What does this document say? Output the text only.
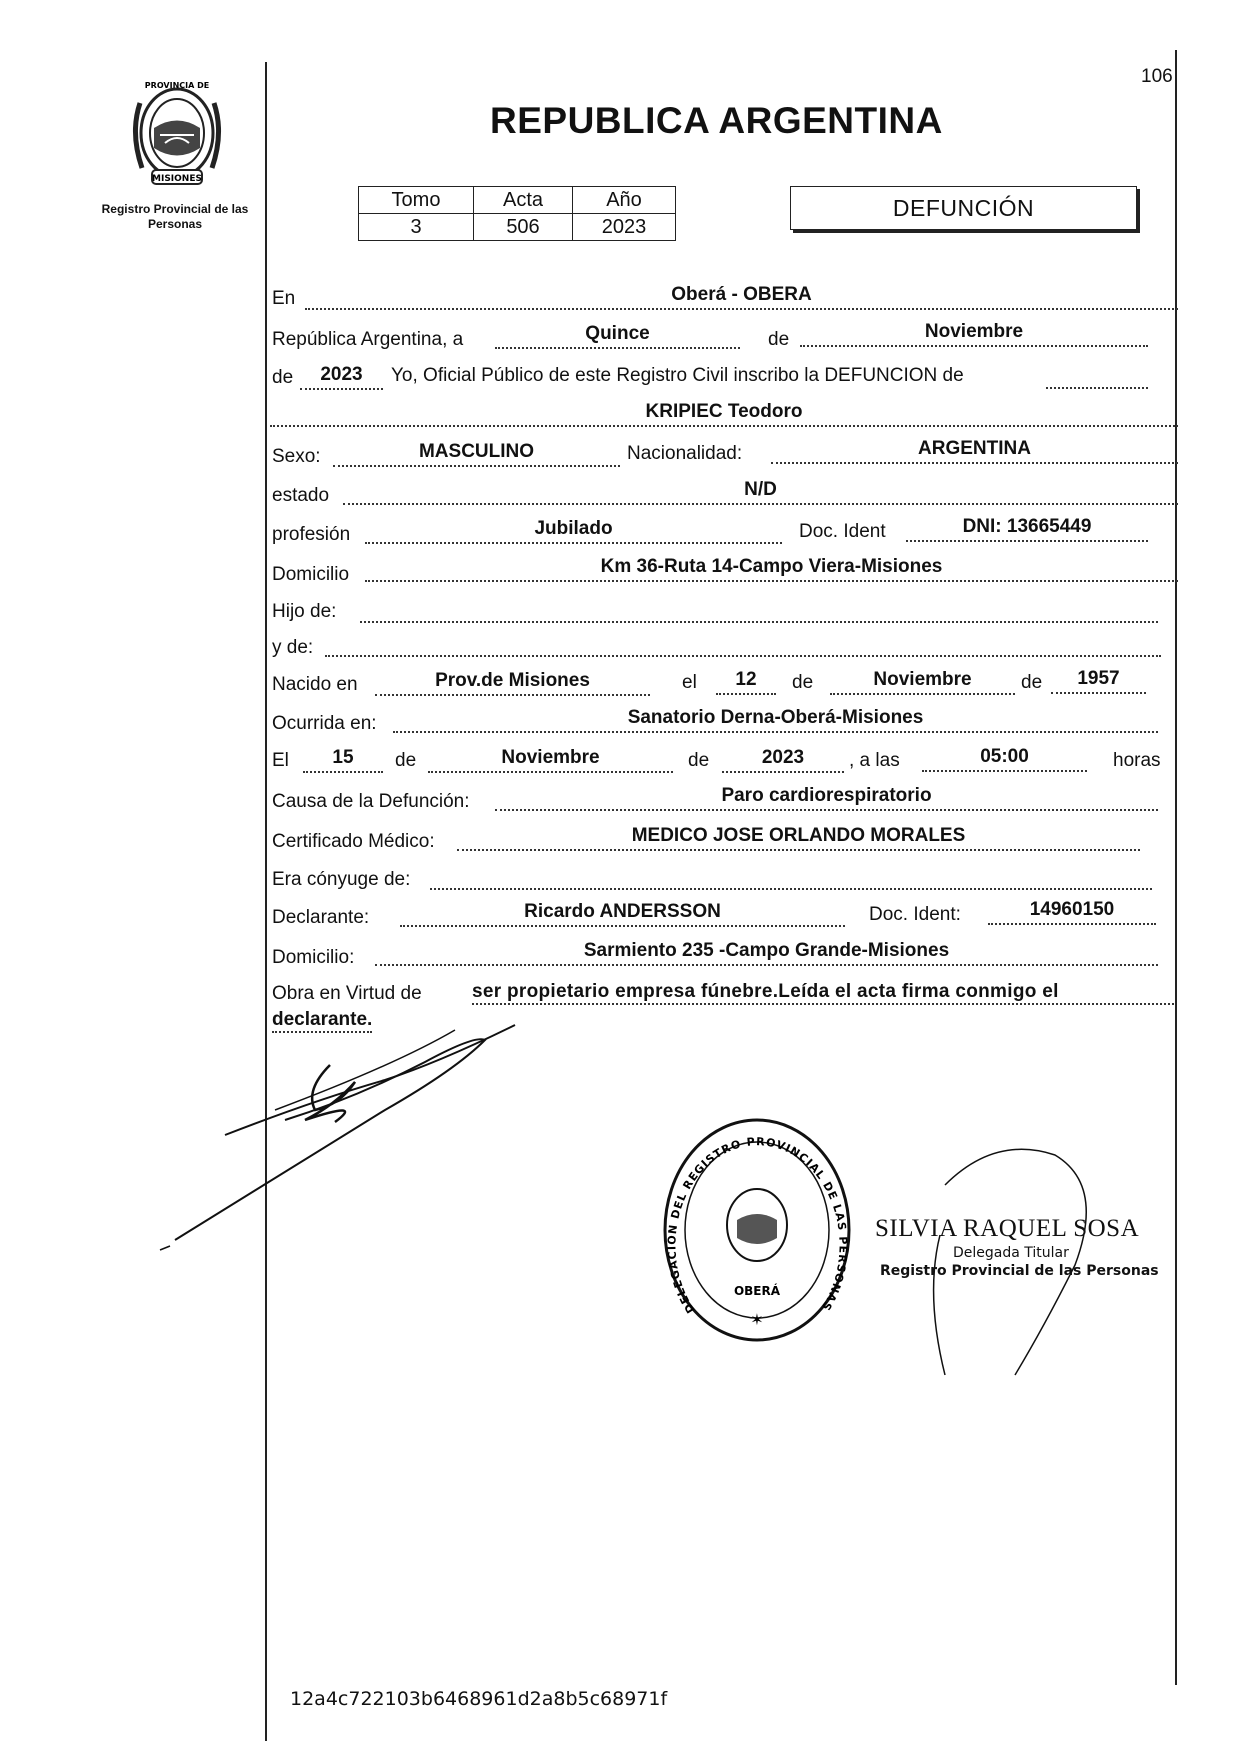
MISIONES
PROVINCIA DE
Registro Provincial de las Personas
106
REPUBLICA ARGENTINA
Tomo	Acta	Año
3	506	2023
DEFUNCIÓN
En	Oberá - OBERA
República Argentina, a	Quince	de	Noviembre
de	2023	Yo, Oficial Público de este Registro Civil inscribo la DEFUNCION de
KRIPIEC Teodoro
Sexo:	MASCULINO	Nacionalidad:	ARGENTINA
estado	N/D
profesión	Jubilado	Doc. Ident	DNI: 13665449
Domicilio	Km 36-Ruta 14-Campo Viera-Misiones
Hijo de:
y de:
Nacido en	Prov.de Misiones	el	12	de	Noviembre	de	1957
Ocurrida en:	Sanatorio Derna-Oberá-Misiones
El	15	de	Noviembre	de	2023	, a las	05:00	horas
Causa de la Defunción:	Paro cardiorespiratorio
Certificado Médico:	MEDICO JOSE ORLANDO MORALES
Era cónyuge de:
Declarante:	Ricardo ANDERSSON	Doc. Ident:	14960150
Domicilio:	Sarmiento 235 -Campo Grande-Misiones
Obra en Virtud de	ser propietario empresa fúnebre.Leída el acta firma conmigo el
declarante.
DELEGACION DEL REGISTRO PROVINCIAL DE LAS PERSONAS
OBERÁ
✶
SILVIA RAQUEL SOSA
Delegada Titular
Registro Provincial de las Personas
12a4c722103b6468961d2a8b5c68971f
